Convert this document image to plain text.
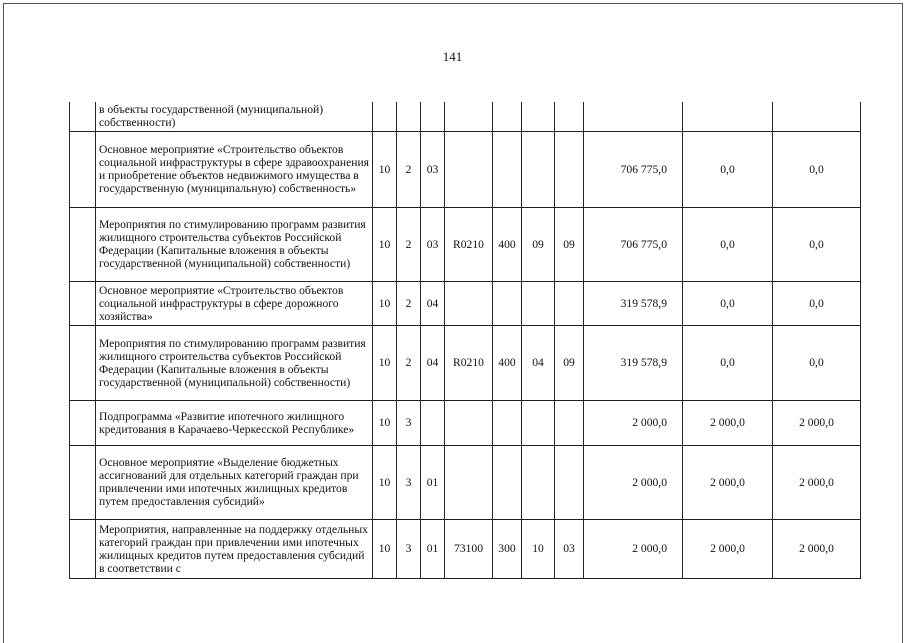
141
	в объекты государственной (муниципальной) собственности)										
	Основное мероприятие «Строительство объектов социальной инфраструктуры в сфере здравоохранения и приобретение объектов недвижимого имущества в государственную (муниципальную) собственность»	10	2	03					706 775,0	0,0	0,0
	Мероприятия по стимулированию программ развития жилищного строительства субъектов Российской Федерации (Капитальные вложения в объекты государственной (муниципальной) собственности)	10	2	03	R0210	400	09	09	706 775,0	0,0	0,0
	Основное мероприятие «Строительство объектов социальной инфраструктуры в сфере дорожного хозяйства»	10	2	04					319 578,9	0,0	0,0
	Мероприятия по стимулированию программ развития жилищного строительства субъектов Российской Федерации (Капитальные вложения в объекты государственной (муниципальной) собственности)	10	2	04	R0210	400	04	09	319 578,9	0,0	0,0
	Подпрограмма «Развитие ипотечного жилищного кредитования в Карачаево-Черкесской Республике»	10	3						2 000,0	2 000,0	2 000,0
	Основное мероприятие «Выделение бюджетных ассигнований для отдельных категорий граждан при привлечении ими ипотечных жилищных кредитов путем предоставления субсидий»	10	3	01					2 000,0	2 000,0	2 000,0
	Мероприятия, направленные на поддержку отдельных категорий граждан при привлечении ими ипотечных жилищных кредитов путем предоставления субсидий в соответствии с	10	3	01	73100	300	10	03	2 000,0	2 000,0	2 000,0
